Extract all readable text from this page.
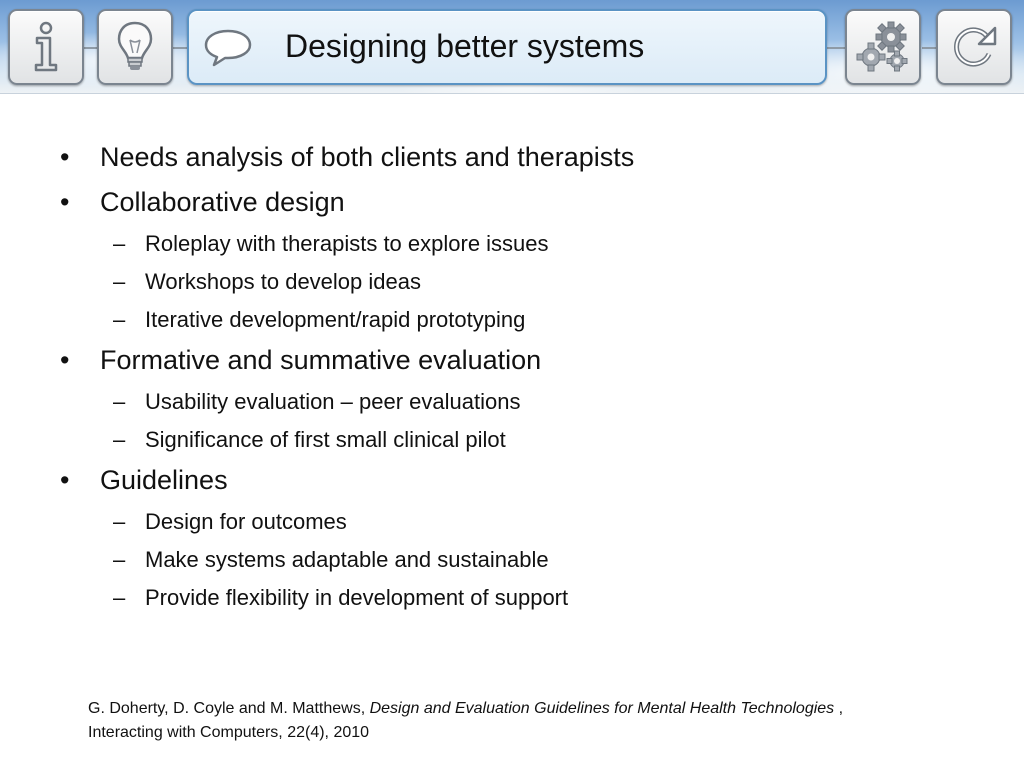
Designing better systems
• Needs analysis of both clients and therapists
• Collaborative design
– Roleplay with therapists to explore issues
– Workshops to develop ideas
– Iterative development/rapid prototyping
• Formative and summative evaluation
– Usability evaluation – peer evaluations
– Significance of first small clinical pilot
• Guidelines
– Design for outcomes
– Make systems adaptable and sustainable
– Provide flexibility in development of support
G. Doherty, D. Coyle and M. Matthews, Design and Evaluation Guidelines for Mental Health Technologies ,
Interacting with Computers, 22(4), 2010
